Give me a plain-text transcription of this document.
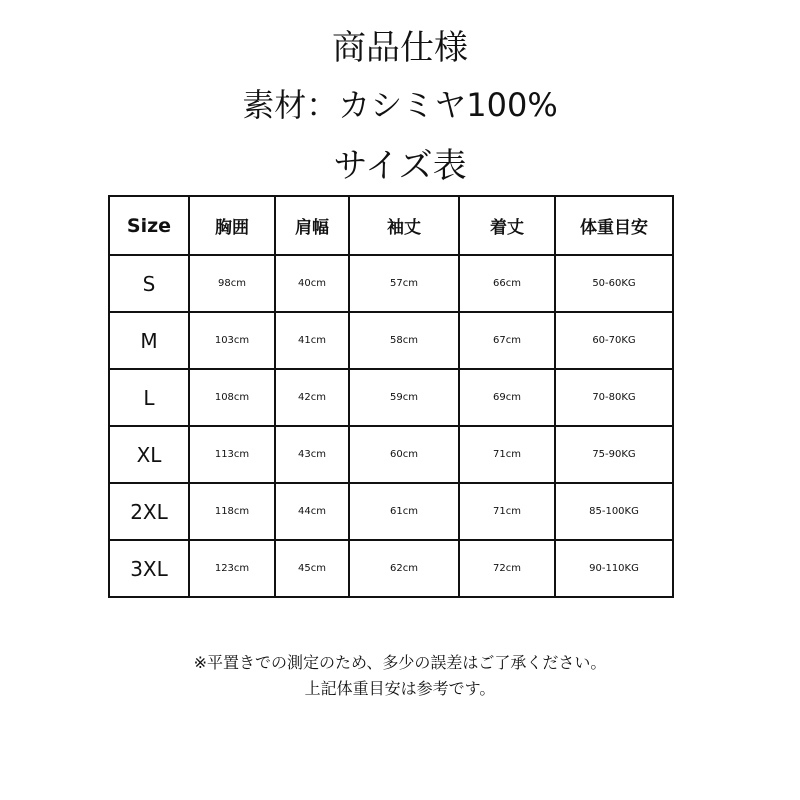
商品仕様
素材：カシミヤ100%
サイズ表
Size	胸囲	肩幅	袖丈	着丈	体重目安
S	98cm	40cm	57cm	66cm	50-60KG
M	103cm	41cm	58cm	67cm	60-70KG
L	108cm	42cm	59cm	69cm	70-80KG
XL	113cm	43cm	60cm	71cm	75-90KG
2XL	118cm	44cm	61cm	71cm	85-100KG
3XL	123cm	45cm	62cm	72cm	90-110KG
※平置きでの測定のため、多少の誤差はご了承ください。
上記体重目安は参考です。
